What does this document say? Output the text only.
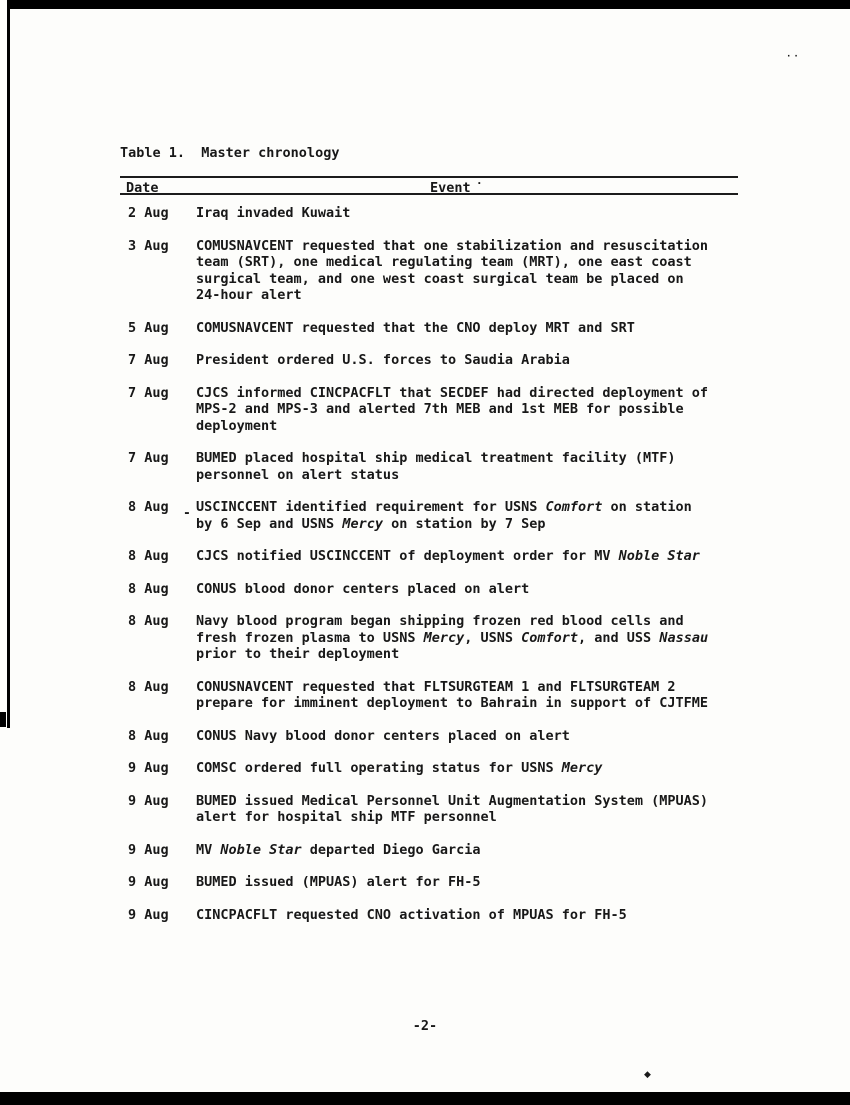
Table 1.  Master chronology
Date	Event
2 Aug	Iraq invaded Kuwait
3 Aug	COMUSNAVCENT requested that one stabilization and resuscitation
team (SRT), one medical regulating team (MRT), one east coast
surgical team, and one west coast surgical team be placed on
24-hour alert
5 Aug	COMUSNAVCENT requested that the CNO deploy MRT and SRT
7 Aug	President ordered U.S. forces to Saudia Arabia
7 Aug	CJCS informed CINCPACFLT that SECDEF had directed deployment of
MPS-2 and MPS-3 and alerted 7th MEB and 1st MEB for possible
deployment
7 Aug	BUMED placed hospital ship medical treatment facility (MTF)
personnel on alert status
8 Aug	USCINCCENT identified requirement for USNS Comfort on station
by 6 Sep and USNS Mercy on station by 7 Sep
8 Aug	CJCS notified USCINCCENT of deployment order for MV Noble Star
8 Aug	CONUS blood donor centers placed on alert
8 Aug	Navy blood program began shipping frozen red blood cells and
fresh frozen plasma to USNS Mercy, USNS Comfort, and USS Nassau
prior to their deployment
8 Aug	CONUSNAVCENT requested that FLTSURGTEAM 1 and FLTSURGTEAM 2
prepare for imminent deployment to Bahrain in support of CJTFME
8 Aug	CONUS Navy blood donor centers placed on alert
9 Aug	COMSC ordered full operating status for USNS Mercy
9 Aug	BUMED issued Medical Personnel Unit Augmentation System (MPUAS)
alert for hospital ship MTF personnel
9 Aug	MV Noble Star departed Diego Garcia
9 Aug	BUMED issued (MPUAS) alert for FH-5
9 Aug	CINCPACFLT requested CNO activation of MPUAS for FH-5
-2-
··
·
-
◆
